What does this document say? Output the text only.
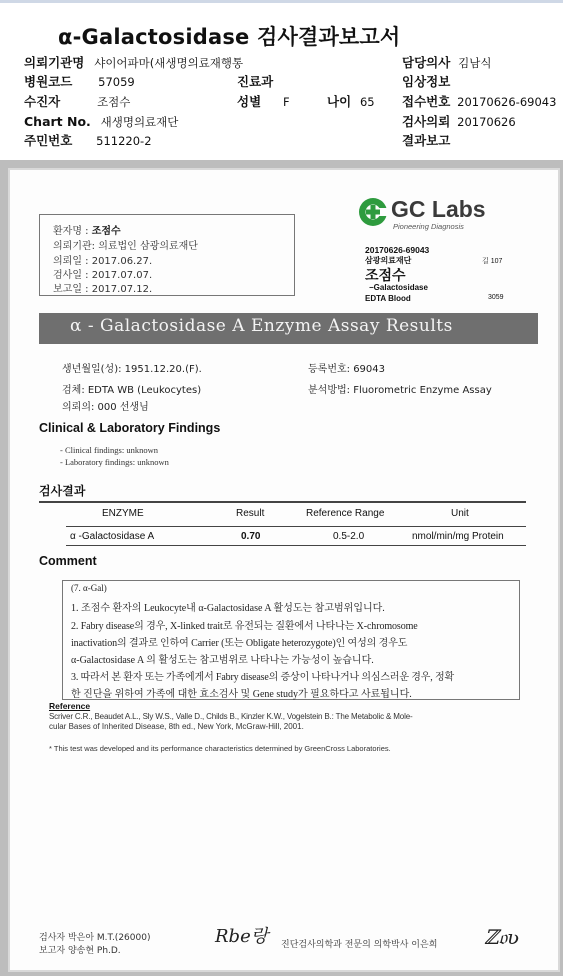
α-Galactosidase 검사결과보고서
의뢰기관명 샤이어파마(새생명의료재행통	담당의사 김남식
병원코드 57059	진료과	임상정보
수진자	조점수	성별 F	나이 65 접수번호 20170626-69043
Chart No. 새생명의료재단	검사의뢰 20170626
주민번호 511220-2	결과보고
환자명 : 조점수
의뢰기관: 의료법인 삼광의료재단
의뢰일 : 2017.06.27.
검사일 : 2017.07.07.
보고일 : 2017.07.12.
GC Labs
Pioneering Diagnosis
20170626-69043
삼광의료재단
조점수
−Galactosidase
EDTA Blood
길 107
3059
α - Galactosidase A Enzyme Assay Results
생년월일(성): 1951.12.20.(F).	등록번호: 69043
검체: EDTA WB (Leukocytes)	분석방법: Fluorometric Enzyme Assay
의뢰의: 000 선생님
Clinical & Laboratory Findings
- Clinical findings: unknown
- Laboratory findings: unknown
검사결과
ENZYME	Result	Reference Range	Unit
α -Galactosidase A	0.70	0.5-2.0	nmol/min/mg Protein
Comment
(7. α-Gal)
1. 조점수 환자의 Leukocyte내 α-Galactosidase A 활성도는 참고범위입니다.
2. Fabry disease의 경우, X-linked trait로 유전되는 질환에서 나타나는 X-chromosome
inactivation의 결과로 인하여 Carrier (또는 Obligate heterozygote)인 여성의 경우도
α-Galactosidase A 의 활성도는 참고범위로 나타나는 가능성이 높습니다.
3. 따라서 본 환자 또는 가족에게서 Fabry disease의 증상이 나타나거나 의심스러운 경우, 정확
한 진단을 위하여 가족에 대한 효소검사 및 Gene study가 필요하다고 사료됩니다.
Reference
Scriver C.R., Beaudet A.L., Sly W.S., Valle D., Childs B., Kinzler K.W., Vogelstein B.: The Metabolic & Mole-
cular Bases of Inherited Disease, 8th ed., New York, McGraw-Hill, 2001.
* This test was developed and its performance characteristics determined by GreenCross Laboratories.
검사자 박은아 M.T.(26000)
보고자 양송현 Ph.D.
Rbe랑 진단검사의학과 전문의 의학박사 이은희 ℤ𝔬ʋ
